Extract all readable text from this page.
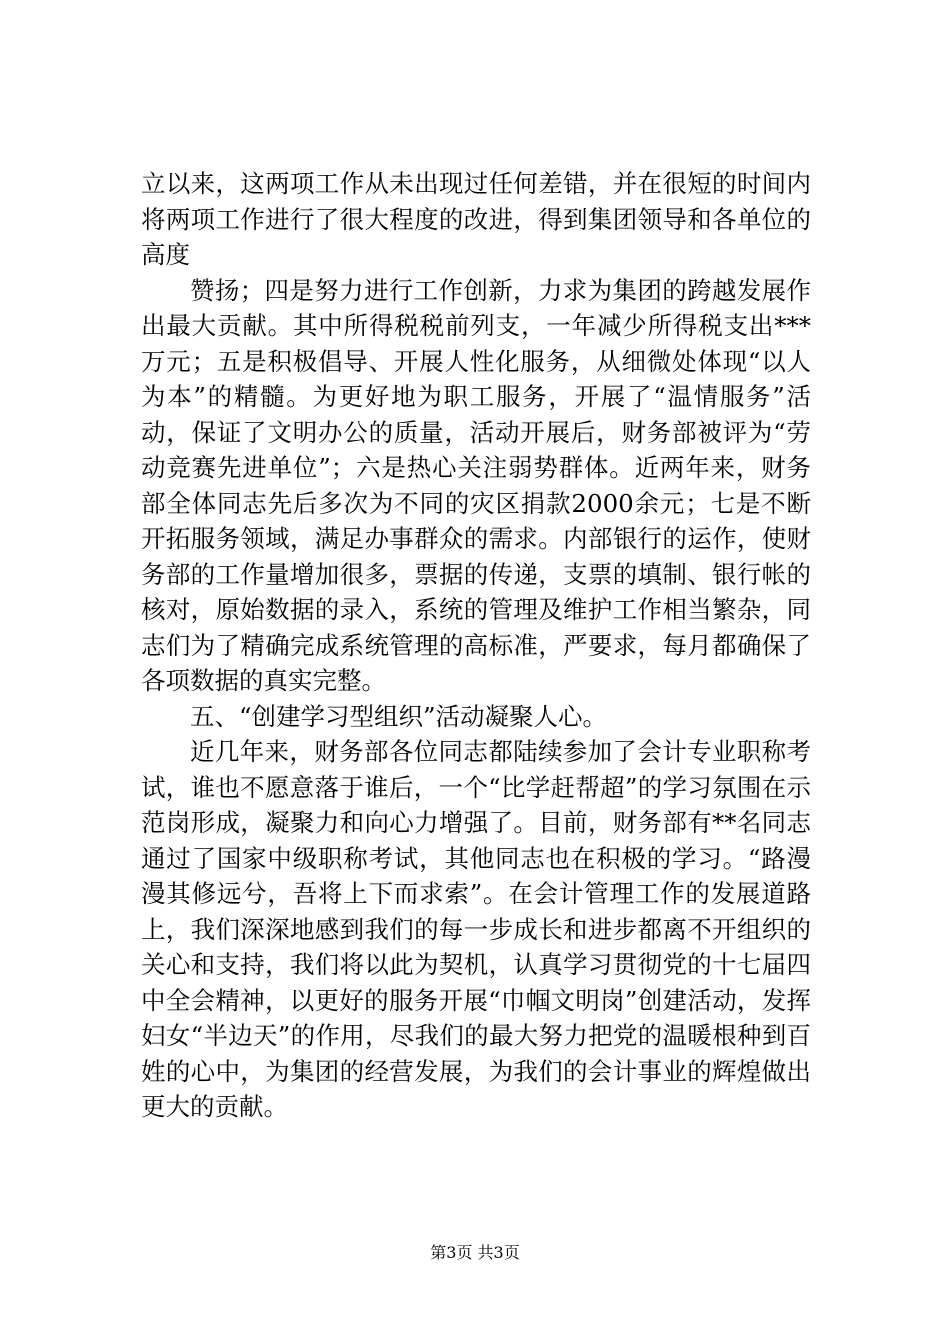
立以来，这两项工作从未出现过任何差错，并在很短的时间内将两项工作进行了很大程度的改进，得到集团领导和各单位的高度

赞扬；四是努力进行工作创新，力求为集团的跨越发展作出最大贡献。其中所得税税前列支，一年减少所得税支出***万元；五是积极倡导、开展人性化服务，从细微处体现“以人为本”的精髓。为更好地为职工服务，开展了“温情服务”活动，保证了文明办公的质量，活动开展后，财务部被评为“劳动竞赛先进单位”；六是热心关注弱势群体。近两年来，财务部全体同志先后多次为不同的灾区捐款2000余元；七是不断开拓服务领域，满足办事群众的需求。内部银行的运作，使财务部的工作量增加很多，票据的传递，支票的填制、银行帐的核对，原始数据的录入，系统的管理及维护工作相当繁杂，同志们为了精确完成系统管理的高标准，严要求，每月都确保了各项数据的真实完整。

五、“创建学习型组织”活动凝聚人心。

近几年来，财务部各位同志都陆续参加了会计专业职称考试，谁也不愿意落于谁后，一个“比学赶帮超”的学习氛围在示范岗形成，凝聚力和向心力增强了。目前，财务部有**名同志通过了国家中级职称考试，其他同志也在积极的学习。“路漫漫其修远兮，吾将上下而求索”。在会计管理工作的发展道路上，我们深深地感到我们的每一步成长和进步都离不开组织的关心和支持，我们将以此为契机，认真学习贯彻党的十七届四中全会精神，以更好的服务开展“巾帼文明岗”创建活动，发挥妇女“半边天”的作用，尽我们的最大努力把党的温暖根种到百姓的心中，为集团的经营发展，为我们的会计事业的辉煌做出更大的贡献。

第3页 共3页
